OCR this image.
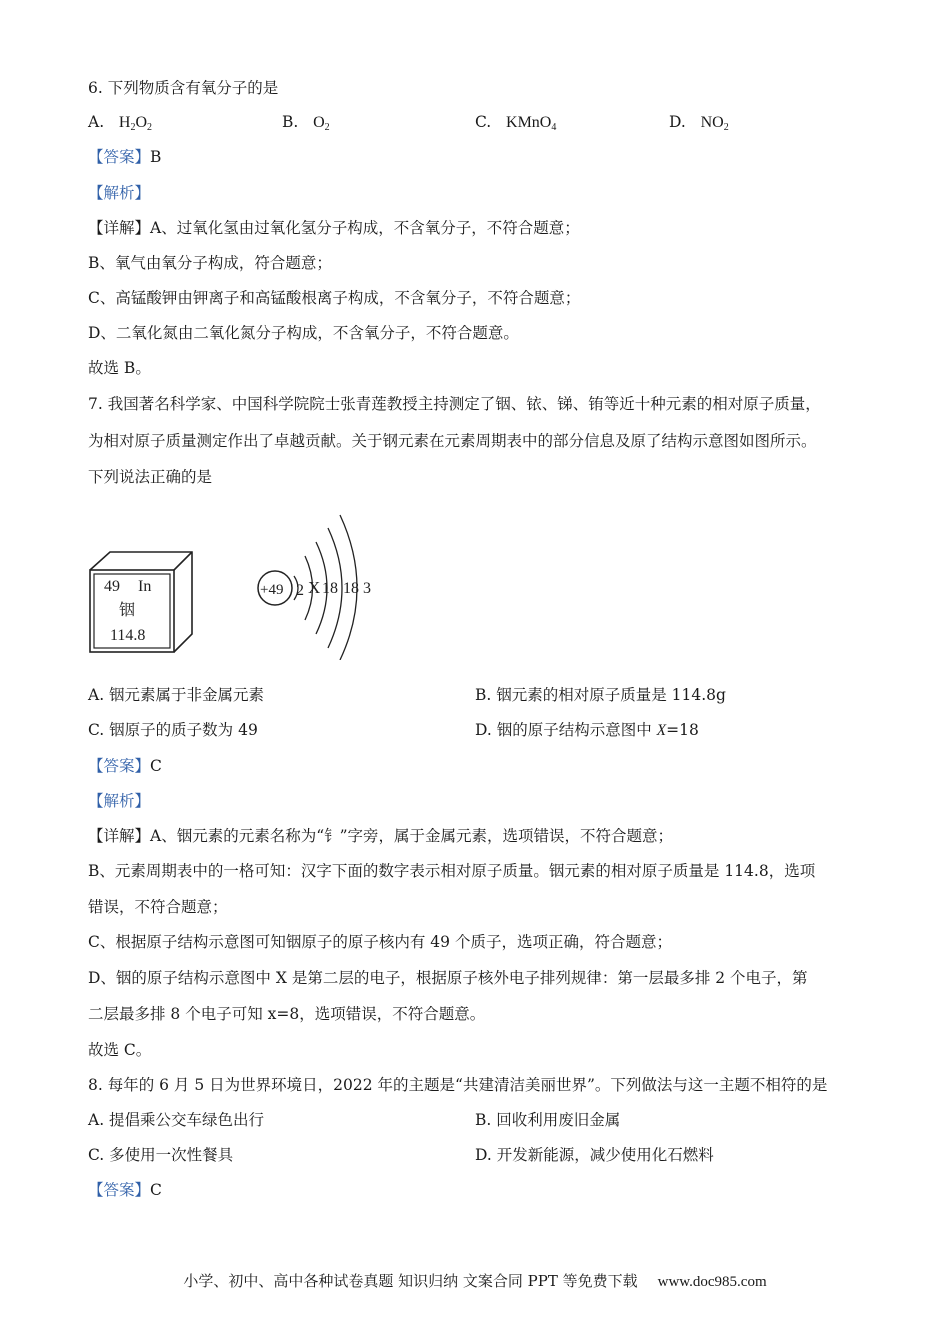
6. 下列物质含有氧分子的是
A. $H_2O_2$	B. $O_2$	C. KMnO$_4$	D. $NO_2$
【答案】B
【解析】
【详解】A、过氧化氢由过氧化氢分子构成，不含氧分子，不符合题意；
B、氧气由氧分子构成，符合题意；
C、高锰酸钾由钾离子和高锰酸根离子构成，不含氧分子，不符合题意；
D、二氧化氮由二氧化氮分子构成，不含氧分子，不符合题意。
故选 B。
7. 我国著名科学家、中国科学院院士张青莲教授主持测定了铟、铱、锑、铕等近十种元素的相对原子质量，
为相对原子质量测定作出了卓越贡献。关于钢元素在元素周期表中的部分信息及原了结构示意图如图所示。
下列说法正确的是
49 In
铟
114.8
+49 2 X 18 18 3
A. 铟元素属于非金属元素	B. 铟元素的相对原子质量是 114.8g
C. 铟原子的质子数为 49	D. 铟的原子结构示意图中 X=18
【答案】C
【解析】
【详解】A、铟元素的元素名称为“钅”字旁，属于金属元素，选项错误，不符合题意；
B、元素周期表中的一格可知：汉字下面的数字表示相对原子质量。铟元素的相对原子质量是 114.8，选项
错误，不符合题意；
C、根据原子结构示意图可知铟原子的原子核内有 49 个质子，选项正确，符合题意；
D、铟的原子结构示意图中 X 是第二层的电子，根据原子核外电子排列规律：第一层最多排 2 个电子，第
二层最多排 8 个电子可知 x=8，选项错误，不符合题意。
故选 C。
8. 每年的 6 月 5 日为世界环境日，2022 年的主题是“共建清洁美丽世界”。下列做法与这一主题不相符的是
A. 提倡乘公交车绿色出行	B. 回收利用废旧金属
C. 多使用一次性餐具	D. 开发新能源，减少使用化石燃料
【答案】C
小学、初中、高中各种试卷真题 知识归纳 文案合同 PPT 等免费下载 www.doc985.com
